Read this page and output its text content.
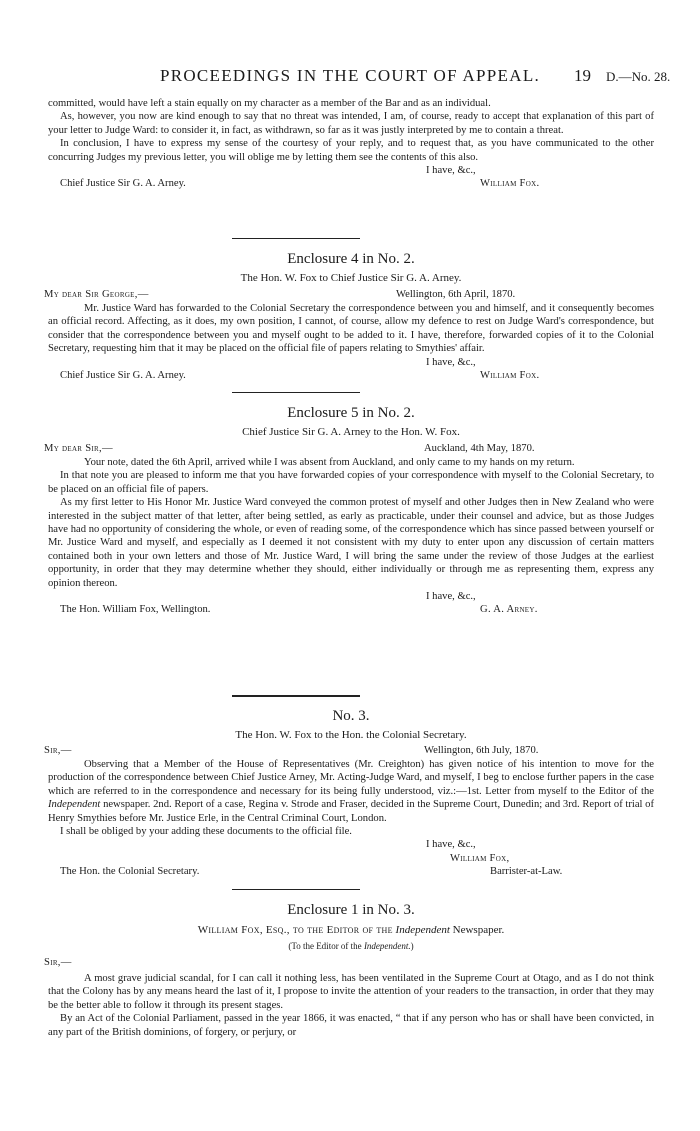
PROCEEDINGS IN THE COURT OF APPEAL.	19 D.—No. 28.

committed, would have left a stain equally on my character as a member of the Bar and as an individual.

As, however, you now are kind enough to say that no threat was intended, I am, of course, ready to accept that explanation of this part of your letter to Judge Ward: to consider it, in fact, as withdrawn, so far as it was justly interpreted by me to contain a threat.

In conclusion, I have to express my sense of the courtesy of your reply, and to request that, as you have communicated to the other concurring Judges my previous letter, you will oblige me by letting them see the contents of this also.

I have, &c.,
Chief Justice Sir G. A. Arney.	William Fox.
Enclosure 4 in No. 2.
The Hon. W. Fox to Chief Justice Sir G. A. Arney.
My dear Sir George,—	Wellington, 6th April, 1870.

Mr. Justice Ward has forwarded to the Colonial Secretary the correspondence between you and himself, and it consequently becomes an official record. Affecting, as it does, my own position, I cannot, of course, allow my defence to rest on Judge Ward's correspondence, but consider that the correspondence between you and myself ought to be added to it. I have, therefore, forwarded copies of it to the Colonial Secretary, requesting him that it may be placed on the official file of papers relating to Smythies' affair.

I have, &c.,
Chief Justice Sir G. A. Arney.	William Fox.
Enclosure 5 in No. 2.
Chief Justice Sir G. A. Arney to the Hon. W. Fox.
My dear Sir,—	Auckland, 4th May, 1870.

Your note, dated the 6th April, arrived while I was absent from Auckland, and only came to my hands on my return.

In that note you are pleased to inform me that you have forwarded copies of your correspondence with myself to the Colonial Secretary, to be placed on an official file of papers.

As my first letter to His Honor Mr. Justice Ward conveyed the common protest of myself and other Judges then in New Zealand who were interested in the subject matter of that letter, after being settled, as early as practicable, under their counsel and advice, but as those Judges have had no opportunity of considering the whole, or even of reading some, of the correspondence which has since passed between yourself or Mr. Justice Ward and myself, and especially as I deemed it not consistent with my duty to enter upon any discussion of certain matters contained both in your own letters and those of Mr. Justice Ward, I will bring the same under the review of those Judges at the earliest opportunity, in order that they may determine whether they should, either individually or through me as representing them, express any opinion thereon.

I have, &c.,
The Hon. William Fox, Wellington.	G. A. Arney.
No. 3.
The Hon. W. Fox to the Hon. the Colonial Secretary.
Sir,—	Wellington, 6th July, 1870.

Observing that a Member of the House of Representatives (Mr. Creighton) has given notice of his intention to move for the production of the correspondence between Chief Justice Arney, Mr. Acting-Judge Ward, and myself, I beg to enclose further papers in the case which are referred to in the correspondence and necessary for its being fully understood, viz.:—1st. Letter from myself to the Editor of the Independent newspaper. 2nd. Report of a case, Regina v. Strode and Fraser, decided in the Supreme Court, Dunedin; and 3rd. Report of trial of Henry Smythies before Mr. Justice Erle, in the Central Criminal Court, London.

I shall be obliged by your adding these documents to the official file.

I have, &c.,
William Fox,
The Hon. the Colonial Secretary.	Barrister-at-Law.
Enclosure 1 in No. 3.
William Fox, Esq., to the Editor of the Independent Newspaper.
(To the Editor of the Independent.)
Sir,—

A most grave judicial scandal, for I can call it nothing less, has been ventilated in the Supreme Court at Otago, and as I do not think that the Colony has by any means heard the last of it, I propose to invite the attention of your readers to the transaction, in order that they may be the better able to follow it through its present stages.

By an Act of the Colonial Parliament, passed in the year 1866, it was enacted, “ that if any person who has or shall have been convicted, in any part of the British dominions, of forgery, or perjury, or
